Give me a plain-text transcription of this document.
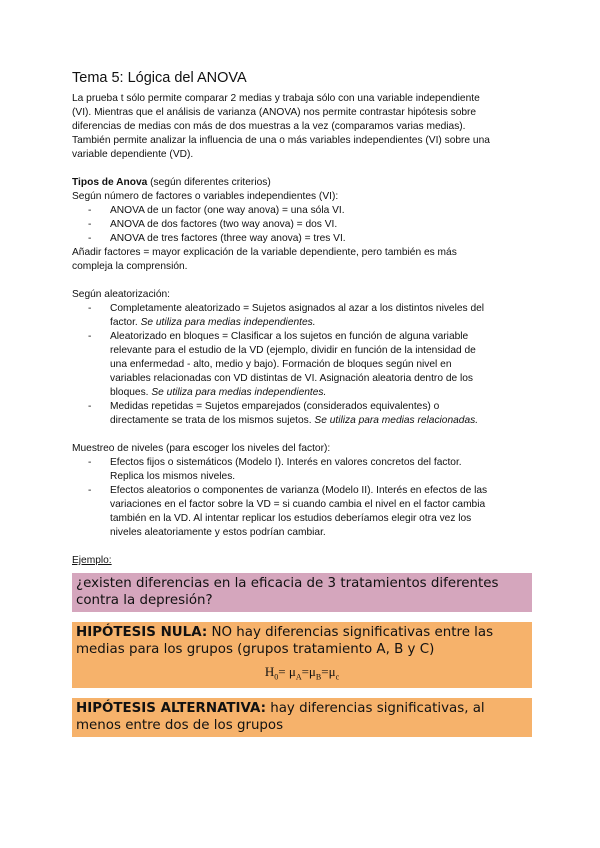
Tema 5: Lógica del ANOVA
La prueba t sólo permite comparar 2 medias y trabaja sólo con una variable independiente
(VI). Mientras que el análisis de varianza (ANOVA) nos permite contrastar hipótesis sobre
diferencias de medias con más de dos muestras a la vez (comparamos varias medias).
También permite analizar la influencia de una o más variables independientes (VI) sobre una
variable dependiente (VD).
Tipos de Anova (según diferentes criterios)
Según número de factores o variables independientes (VI):
- ANOVA de un factor (one way anova) = una sóla VI.
- ANOVA de dos factores (two way anova) = dos VI.
- ANOVA de tres factores (three way anova) = tres VI.
Añadir factores = mayor explicación de la variable dependiente, pero también es más
compleja la comprensión.
Según aleatorización:
- Completamente aleatorizado = Sujetos asignados al azar a los distintos niveles del
factor. Se utiliza para medias independientes.
- Aleatorizado en bloques = Clasificar a los sujetos en función de alguna variable
relevante para el estudio de la VD (ejemplo, dividir en función de la intensidad de
una enfermedad - alto, medio y bajo). Formación de bloques según nivel en
variables relacionadas con VD distintas de VI. Asignación aleatoria dentro de los
bloques. Se utiliza para medias independientes.
- Medidas repetidas = Sujetos emparejados (considerados equivalentes) o
directamente se trata de los mismos sujetos. Se utiliza para medias relacionadas.
Muestreo de niveles (para escoger los niveles del factor):
- Efectos fijos o sistemáticos (Modelo I). Interés en valores concretos del factor.
Replica los mismos niveles.
- Efectos aleatorios o componentes de varianza (Modelo II). Interés en efectos de las
variaciones en el factor sobre la VD = si cuando cambia el nivel en el factor cambia
también en la VD. Al intentar replicar los estudios deberíamos elegir otra vez los
niveles aleatoriamente y estos podrían cambiar.
Ejemplo:
¿existen diferencias en la eficacia de 3 tratamientos diferentes contra la depresión?
HIPÓTESIS NULA: NO hay diferencias significativas entre las medias para los grupos (grupos tratamiento A, B y C)
$H_0= \mu_A=\mu_B=\mu_c$
HIPÓTESIS ALTERNATIVA: hay diferencias significativas, al menos entre dos de los grupos
